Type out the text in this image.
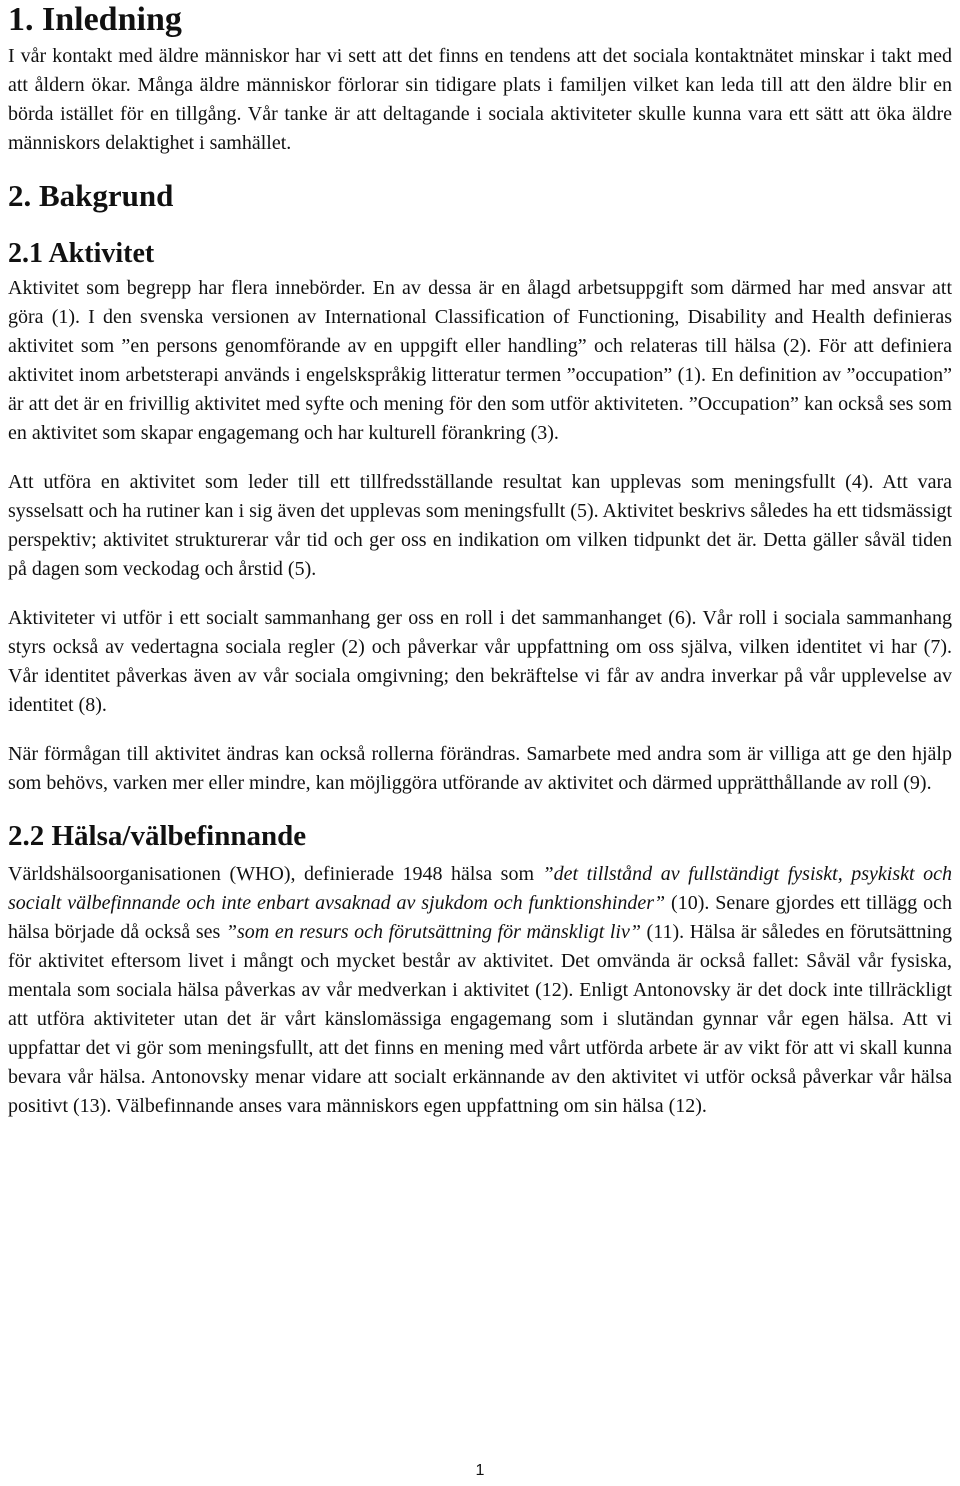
1. Inledning

I vår kontakt med äldre människor har vi sett att det finns en tendens att det sociala kontaktnätet minskar i takt med att åldern ökar. Många äldre människor förlorar sin tidigare plats i familjen vilket kan leda till att den äldre blir en börda istället för en tillgång. Vår tanke är att deltagande i sociala aktiviteter skulle kunna vara ett sätt att öka äldre människors delaktighet i samhället.

2. Bakgrund
2.1 Aktivitet

Aktivitet som begrepp har flera innebörder. En av dessa är en ålagd arbetsuppgift som därmed har med ansvar att göra (1). I den svenska versionen av International Classification of Functioning, Disability and Health definieras aktivitet som ”en persons genomförande av en uppgift eller handling” och relateras till hälsa (2). För att definiera aktivitet inom arbetsterapi används i engelskspråkig litteratur termen ”occupation” (1). En definition av ”occupation” är att det är en frivillig aktivitet med syfte och mening för den som utför aktiviteten. ”Occupation” kan också ses som en aktivitet som skapar engagemang och har kulturell förankring (3).

Att utföra en aktivitet som leder till ett tillfredsställande resultat kan upplevas som meningsfullt (4). Att vara sysselsatt och ha rutiner kan i sig även det upplevas som meningsfullt (5). Aktivitet beskrivs således ha ett tidsmässigt perspektiv; aktivitet strukturerar vår tid och ger oss en indikation om vilken tidpunkt det är. Detta gäller såväl tiden på dagen som veckodag och årstid (5).

Aktiviteter vi utför i ett socialt sammanhang ger oss en roll i det sammanhanget (6). Vår roll i sociala sammanhang styrs också av vedertagna sociala regler (2) och påverkar vår uppfattning om oss själva, vilken identitet vi har (7). Vår identitet påverkas även av vår sociala omgivning; den bekräftelse vi får av andra inverkar på vår upplevelse av identitet (8).

När förmågan till aktivitet ändras kan också rollerna förändras. Samarbete med andra som är villiga att ge den hjälp som behövs, varken mer eller mindre, kan möjliggöra utförande av aktivitet och därmed upprätthållande av roll (9).

2.2 Hälsa/välbefinnande

Världshälsoorganisationen (WHO), definierade 1948 hälsa som ”det tillstånd av fullständigt fysiskt, psykiskt och socialt välbefinnande och inte enbart avsaknad av sjukdom och funktionshinder” (10). Senare gjordes ett tillägg och hälsa började då också ses ”som en resurs och förutsättning för mänskligt liv” (11). Hälsa är således en förutsättning för aktivitet eftersom livet i mångt och mycket består av aktivitet. Det omvända är också fallet: Såväl vår fysiska, mentala som sociala hälsa påverkas av vår medverkan i aktivitet (12). Enligt Antonovsky är det dock inte tillräckligt att utföra aktiviteter utan det är vårt känslomässiga engagemang som i slutändan gynnar vår egen hälsa. Att vi uppfattar det vi gör som meningsfullt, att det finns en mening med vårt utförda arbete är av vikt för att vi skall kunna bevara vår hälsa. Antonovsky menar vidare att socialt erkännande av den aktivitet vi utför också påverkar vår hälsa positivt (13). Välbefinnande anses vara människors egen uppfattning om sin hälsa (12).

1
